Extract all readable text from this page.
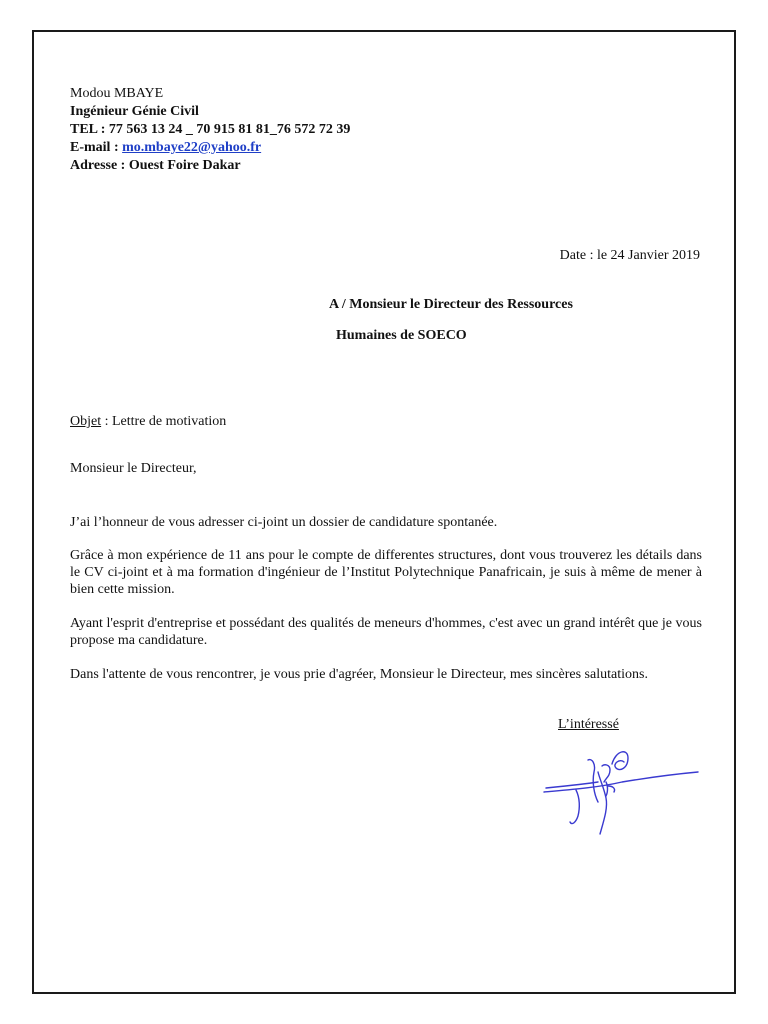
Modou MBAYE
Ingénieur Génie Civil
TEL : 77 563 13 24 _ 70 915 81 81_76 572 72 39
E-mail : mo.mbaye22@yahoo.fr
Adresse : Ouest Foire Dakar

Date : le 24 Janvier 2019

A / Monsieur le Directeur des Ressources

Humaines de SOECO

Objet : Lettre de motivation

Monsieur le Directeur,

J’ai l’honneur de vous adresser ci-joint un dossier de candidature spontanée.

Grâce à mon expérience de 11 ans pour le compte de differentes structures, dont vous trouverez les détails dans le CV ci-joint et à ma formation d'ingénieur de l’Institut Polytechnique Panafricain, je suis à même de mener à bien cette mission.

Ayant l'esprit d'entreprise et possédant des qualités de meneurs d'hommes, c'est avec un grand intérêt que je vous propose ma candidature.

Dans l'attente de vous rencontrer, je vous prie d'agréer, Monsieur le Directeur, mes sincères salutations.

L’intéressé
